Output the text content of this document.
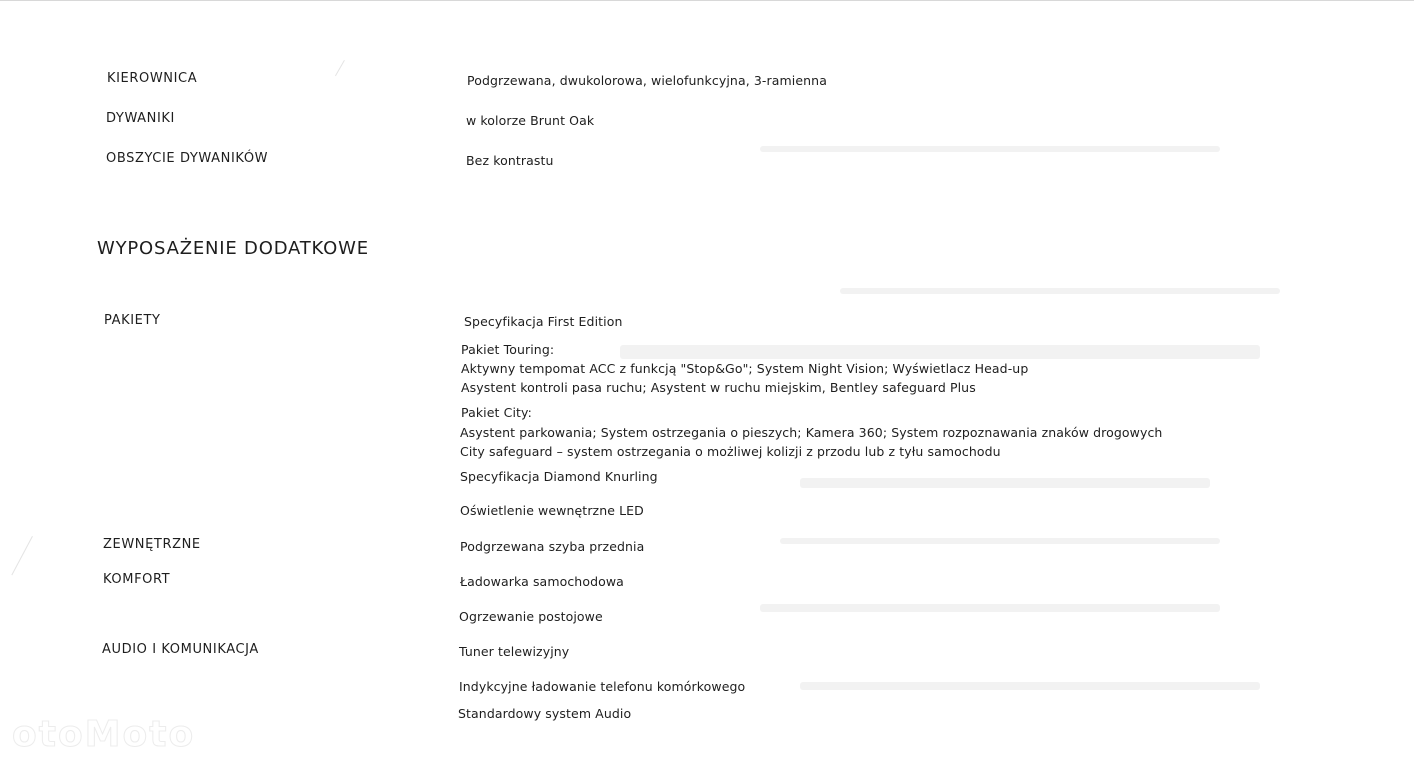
KIEROWNICA	Podgrzewana, dwukolorowa, wielofunkcyjna, 3-ramienna
DYWANIKI	w kolorze Brunt Oak
OBSZYCIE DYWANIKÓW	Bez kontrastu
WYPOSAŻENIE DODATKOWE
PAKIETY	Specyfikacja First Edition
Pakiet Touring:
Aktywny tempomat ACC z funkcją "Stop&Go"; System Night Vision; Wyświetlacz Head-up
Asystent kontroli pasa ruchu; Asystent w ruchu miejskim, Bentley safeguard Plus
Pakiet City:
Asystent parkowania; System ostrzegania o pieszych; Kamera 360; System rozpoznawania znaków drogowych
City safeguard – system ostrzegania o możliwej kolizji z przodu lub z tyłu samochodu
Specyfikacja Diamond Knurling
Oświetlenie wewnętrzne LED
ZEWNĘTRZNE	Podgrzewana szyba przednia
KOMFORT	Ładowarka samochodowa
Ogrzewanie postojowe
AUDIO I KOMUNIKACJA	Tuner telewizyjny
Indykcyjne ładowanie telefonu komórkowego
Standardowy system Audio
otoMoto
